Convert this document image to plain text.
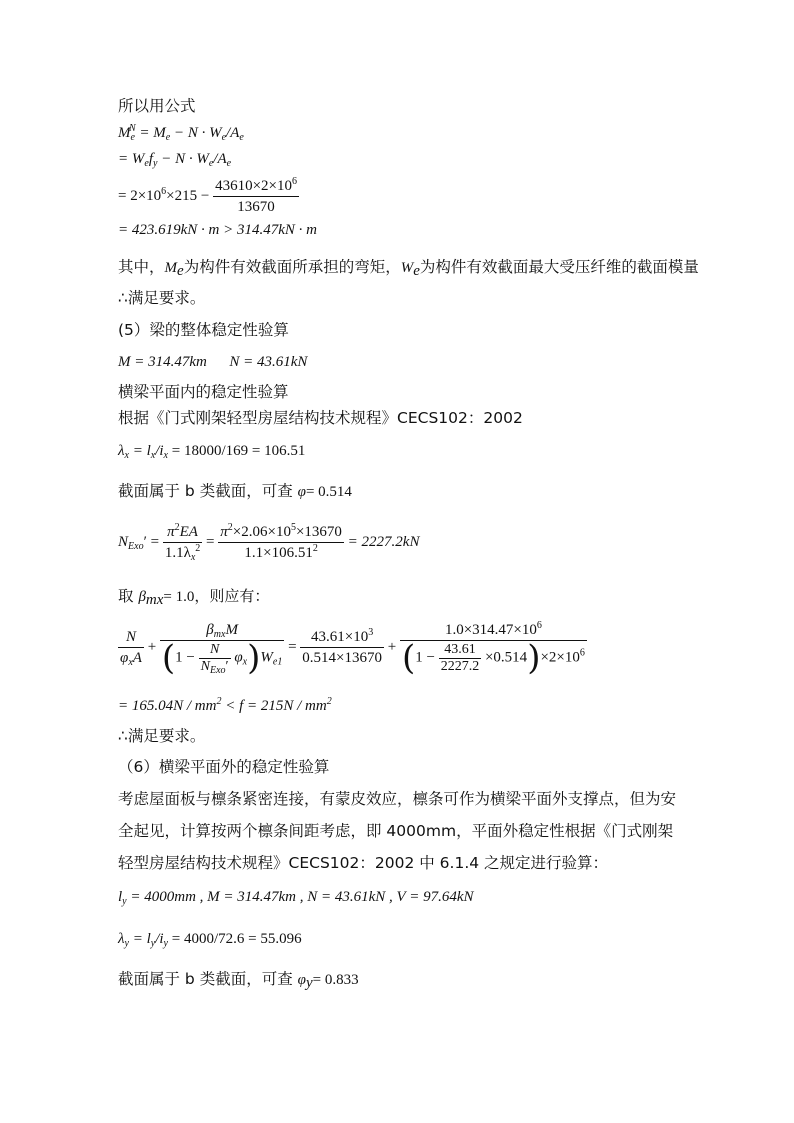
所以用公式
$M_e^N = M_e - N \cdot W_e/A_e$
= $W_ef_y - N \cdot W_e/A_e$
= $2\times 10^6\times 215 - \frac{43610\times 2\times 10^6}{13670}$
= 423.619kN · m > 314.47kN · m
其中，$M_e$为构件有效截面所承担的弯矩，$W_e$为构件有效截面最大受压纤维的截面模量
∴满足要求。
(5）梁的整体稳定性验算
M = 314.47km      N = 43.61kN
横梁平面内的稳定性验算
根据《门式刚架轻型房屋结构技术规程》CECS102：2002
$\lambda_x = l_x/i_x = 18000/169 = 106.51$
截面属于 b 类截面，可查 φ= 0.514
$N_{Exo}' = \frac{\pi^2EA}{1.1\lambda_x^2} = \frac{\pi^2\times 2.06\times 10^5\times 13670}{1.1\times 106.51^2} = 2227.2kN$
取 $\beta_{mx}= 1.0$，则应有：
$\frac{N}{\varphi_xA} + \frac{\beta_{mx}M}{(1 - \frac{N}{N_{Exo}'} \varphi_x)W_{e1}} = \frac{43.61\times 10^3}{0.514\times 13670} + \frac{1.0\times 314.47\times 10^6}{(1 - \frac{43.61}{2227.2} \times 0.514)\times 2\times 10^6}$
= $165.04N / mm^2 < f = 215N / mm^2$
∴满足要求。
（6）横梁平面外的稳定性验算
考虑屋面板与檩条紧密连接，有蒙皮效应，檩条可作为横梁平面外支撑点，但为安全起见，计算按两个檩条间距考虑，即 4000mm，平面外稳定性根据《门式刚架轻型房屋结构技术规程》CECS102：2002 中 6.1.4 之规定进行验算：
$l_y = 4000mm$ , M = 314.47km , N = 43.61kN , V = 97.64kN
$\lambda_y = l_y/i_y = 4000/72.6 = 55.096$
截面属于 b 类截面，可查 $\varphi_y= 0.833$
